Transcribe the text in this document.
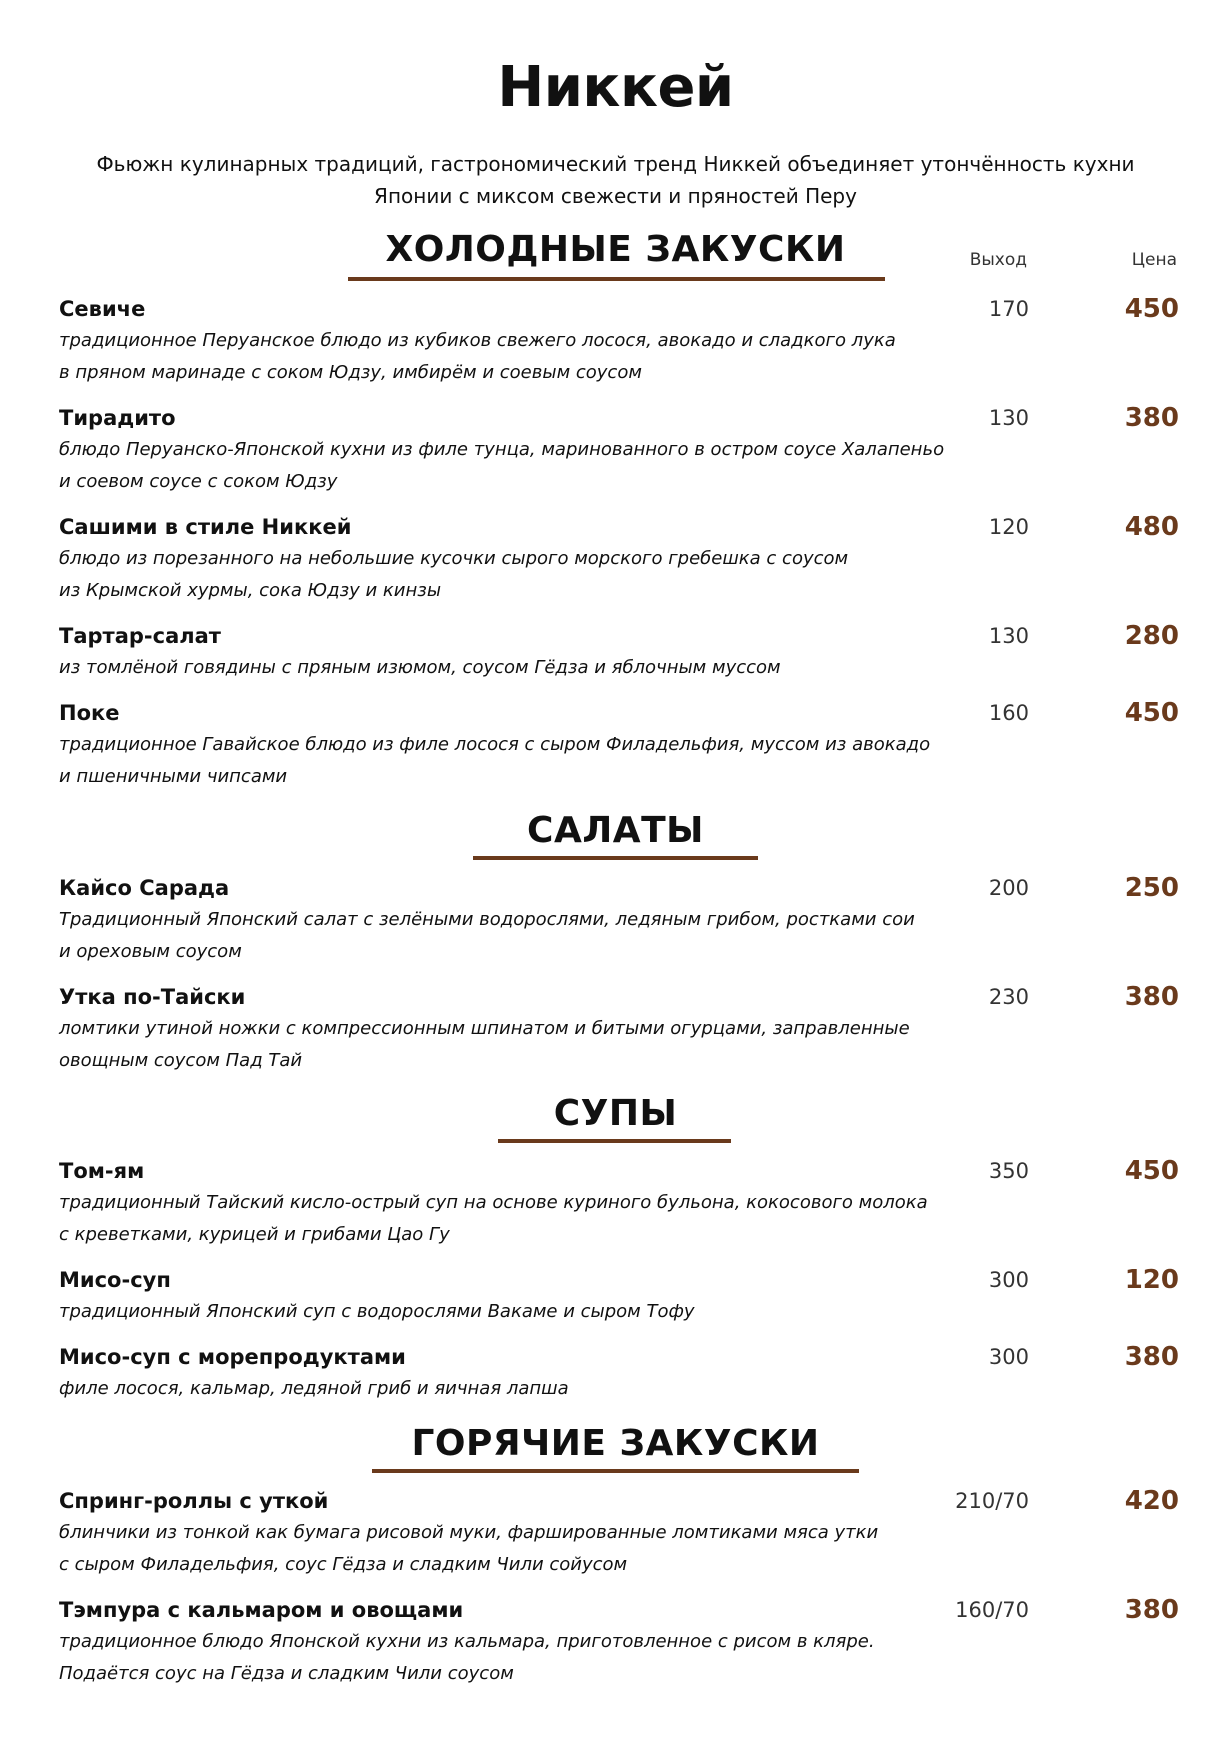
Никкей
Фьюжн кулинарных традиций, гастрономический тренд Никкей объединяет утончённость кухни
Японии с миксом свежести и пряностей Перу
Выход	Цена
ХОЛОДНЫЕ ЗАКУСКИ
Севиче
традиционное Перуанское блюдо из кубиков свежего лосося, авокадо и сладкого лука
в пряном маринаде с соком Юдзу, имбирём и соевым соусом
170	450
Тирадито
блюдо Перуанско-Японской кухни из филе тунца, маринованного в остром соусе Халапеньо
и соевом соусе с соком Юдзу
130	380
Сашими в стиле Никкей
блюдо из порезанного на небольшие кусочки сырого морского гребешка с соусом
из Крымской хурмы, сока Юдзу и кинзы
120	480
Тартар-салат
из томлёной говядины с пряным изюмом, соусом Гёдза и яблочным муссом
130	280
Поке
традиционное Гавайское блюдо из филе лосося с сыром Филадельфия, муссом из авокадо
и пшеничными чипсами
160	450
САЛАТЫ
Кайсо Сарада
Традиционный Японский салат с зелёными водорослями, ледяным грибом, ростками сои
и ореховым соусом
200	250
Утка по-Тайски
ломтики утиной ножки с компрессионным шпинатом и битыми огурцами, заправленные
овощным соусом Пад Тай
230	380
СУПЫ
Том-ям
традиционный Тайский кисло-острый суп на основе куриного бульона, кокосового молока
с креветками, курицей и грибами Цао Гу
350	450
Мисо-суп
традиционный Японский суп с водорослями Вакаме и сыром Тофу
300	120
Мисо-суп с морепродуктами
филе лосося, кальмар, ледяной гриб и яичная лапша
300	380
ГОРЯЧИЕ ЗАКУСКИ
Спринг-роллы с уткой
блинчики из тонкой как бумага рисовой муки, фаршированные ломтиками мяса утки
с сыром Филадельфия, соус Гёдза и сладким Чили сойусом
210/70	420
Тэмпура с кальмаром и овощами
традиционное блюдо Японской кухни из кальмара, приготовленное с рисом в кляре.
Подаётся соус на Гёдза и сладким Чили соусом
160/70	380
